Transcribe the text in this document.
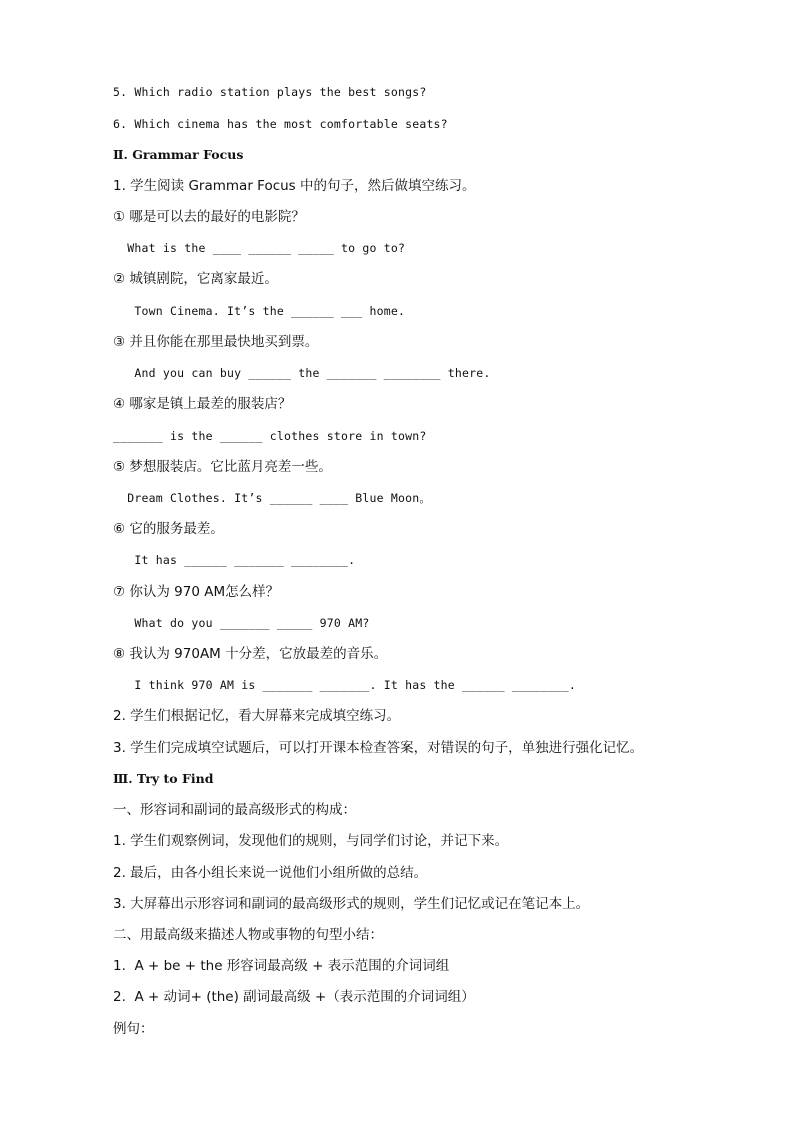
5. Which radio station plays the best songs?
6. Which cinema has the most comfortable seats?
Ⅱ. Grammar Focus
1. 学生阅读 Grammar Focus 中的句子，然后做填空练习。
① 哪是可以去的最好的电影院？
What is the ____ ______ _____ to go to?
② 城镇剧院，它离家最近。
Town Cinema. It’s the ______ ___ home.
③ 并且你能在那里最快地买到票。
And you can buy ______ the _______ ________ there.
④ 哪家是镇上最差的服装店？
_______ is the ______ clothes store in town?
⑤ 梦想服装店。它比蓝月亮差一些。
Dream Clothes. It’s ______ ____ Blue Moon。
⑥ 它的服务最差。
It has ______ _______ ________.
⑦ 你认为 970 AM怎么样？
What do you _______ _____ 970 AM?
⑧ 我认为 970AM 十分差，它放最差的音乐。
I think 970 AM is _______ _______. It has the ______ ________.
2. 学生们根据记忆，看大屏幕来完成填空练习。
3. 学生们完成填空试题后，可以打开课本检查答案，对错误的句子，单独进行强化记忆。
Ⅲ. Try to Find
一、形容词和副词的最高级形式的构成：
1. 学生们观察例词，发现他们的规则，与同学们讨论，并记下来。
2. 最后，由各小组长来说一说他们小组所做的总结。
3. 大屏幕出示形容词和副词的最高级形式的规则，学生们记忆或记在笔记本上。
二、用最高级来描述人物或事物的句型小结：
1.  A + be + the 形容词最高级 + 表示范围的介词词组
2.  A + 动词+ (the) 副词最高级 +（表示范围的介词词组）
例句：
